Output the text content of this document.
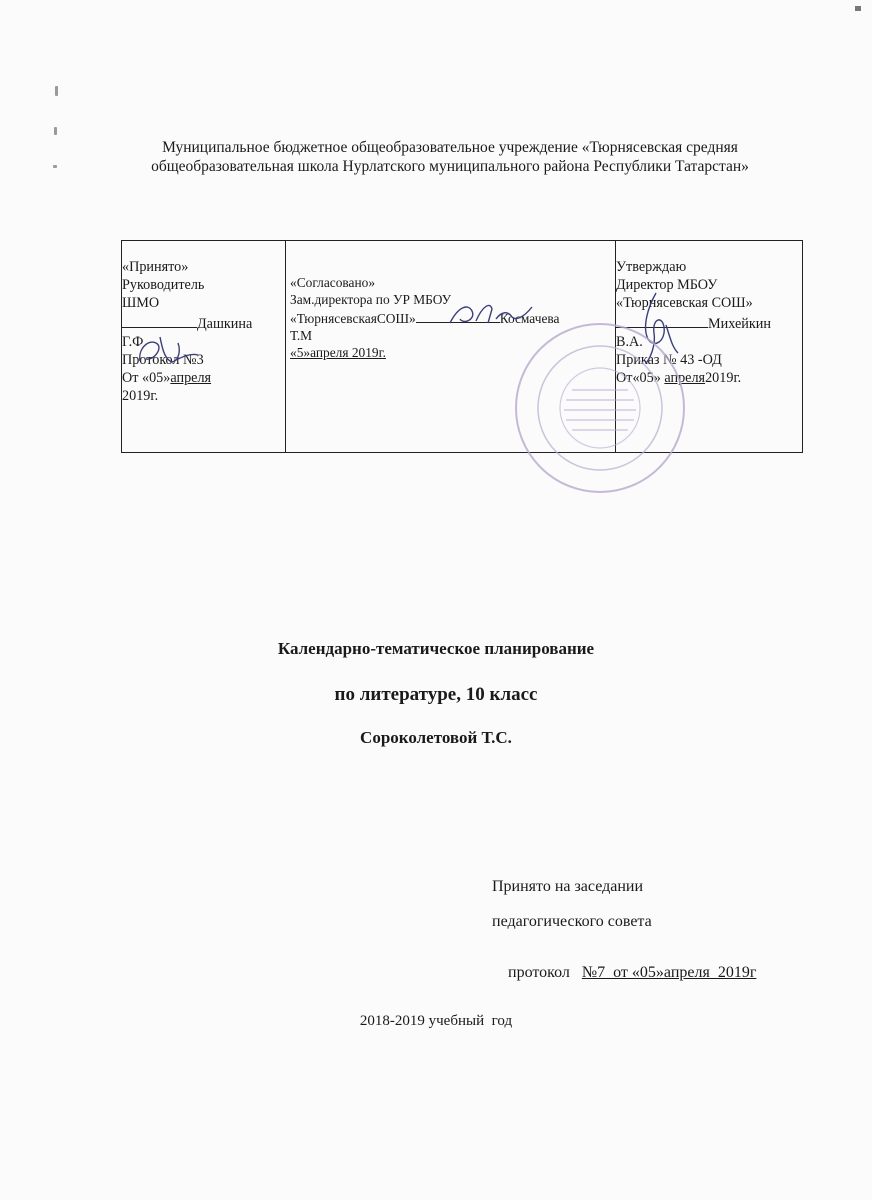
Муниципальное бюджетное общеобразовательное учреждение «Тюрнясевская средняя
общеобразовательная школа Нурлатского муниципального района Республики Татарстан»
«Принято»
Руководитель
ШМО
Дашкина
Г.Ф
Протокол №3
От «05»апреля
2019г.
«Согласовано»
Зам.директора по УР МБОУ
«ТюрнясевскаяСОШ»	Космачева
Т.М
«5»апреля 2019г.
Утверждаю
Директор МБОУ
«Тюрнясевская СОШ»
Михейкин
В.А.
Приказ № 43 -ОД
От«05» апреля2019г.
Календарно-тематическое планирование
по литературе, 10 класс
Сороколетовой Т.С.
Принято на заседании
педагогического совета

протокол   №7  от «05»апреля  2019г

2018-2019 учебный  год
